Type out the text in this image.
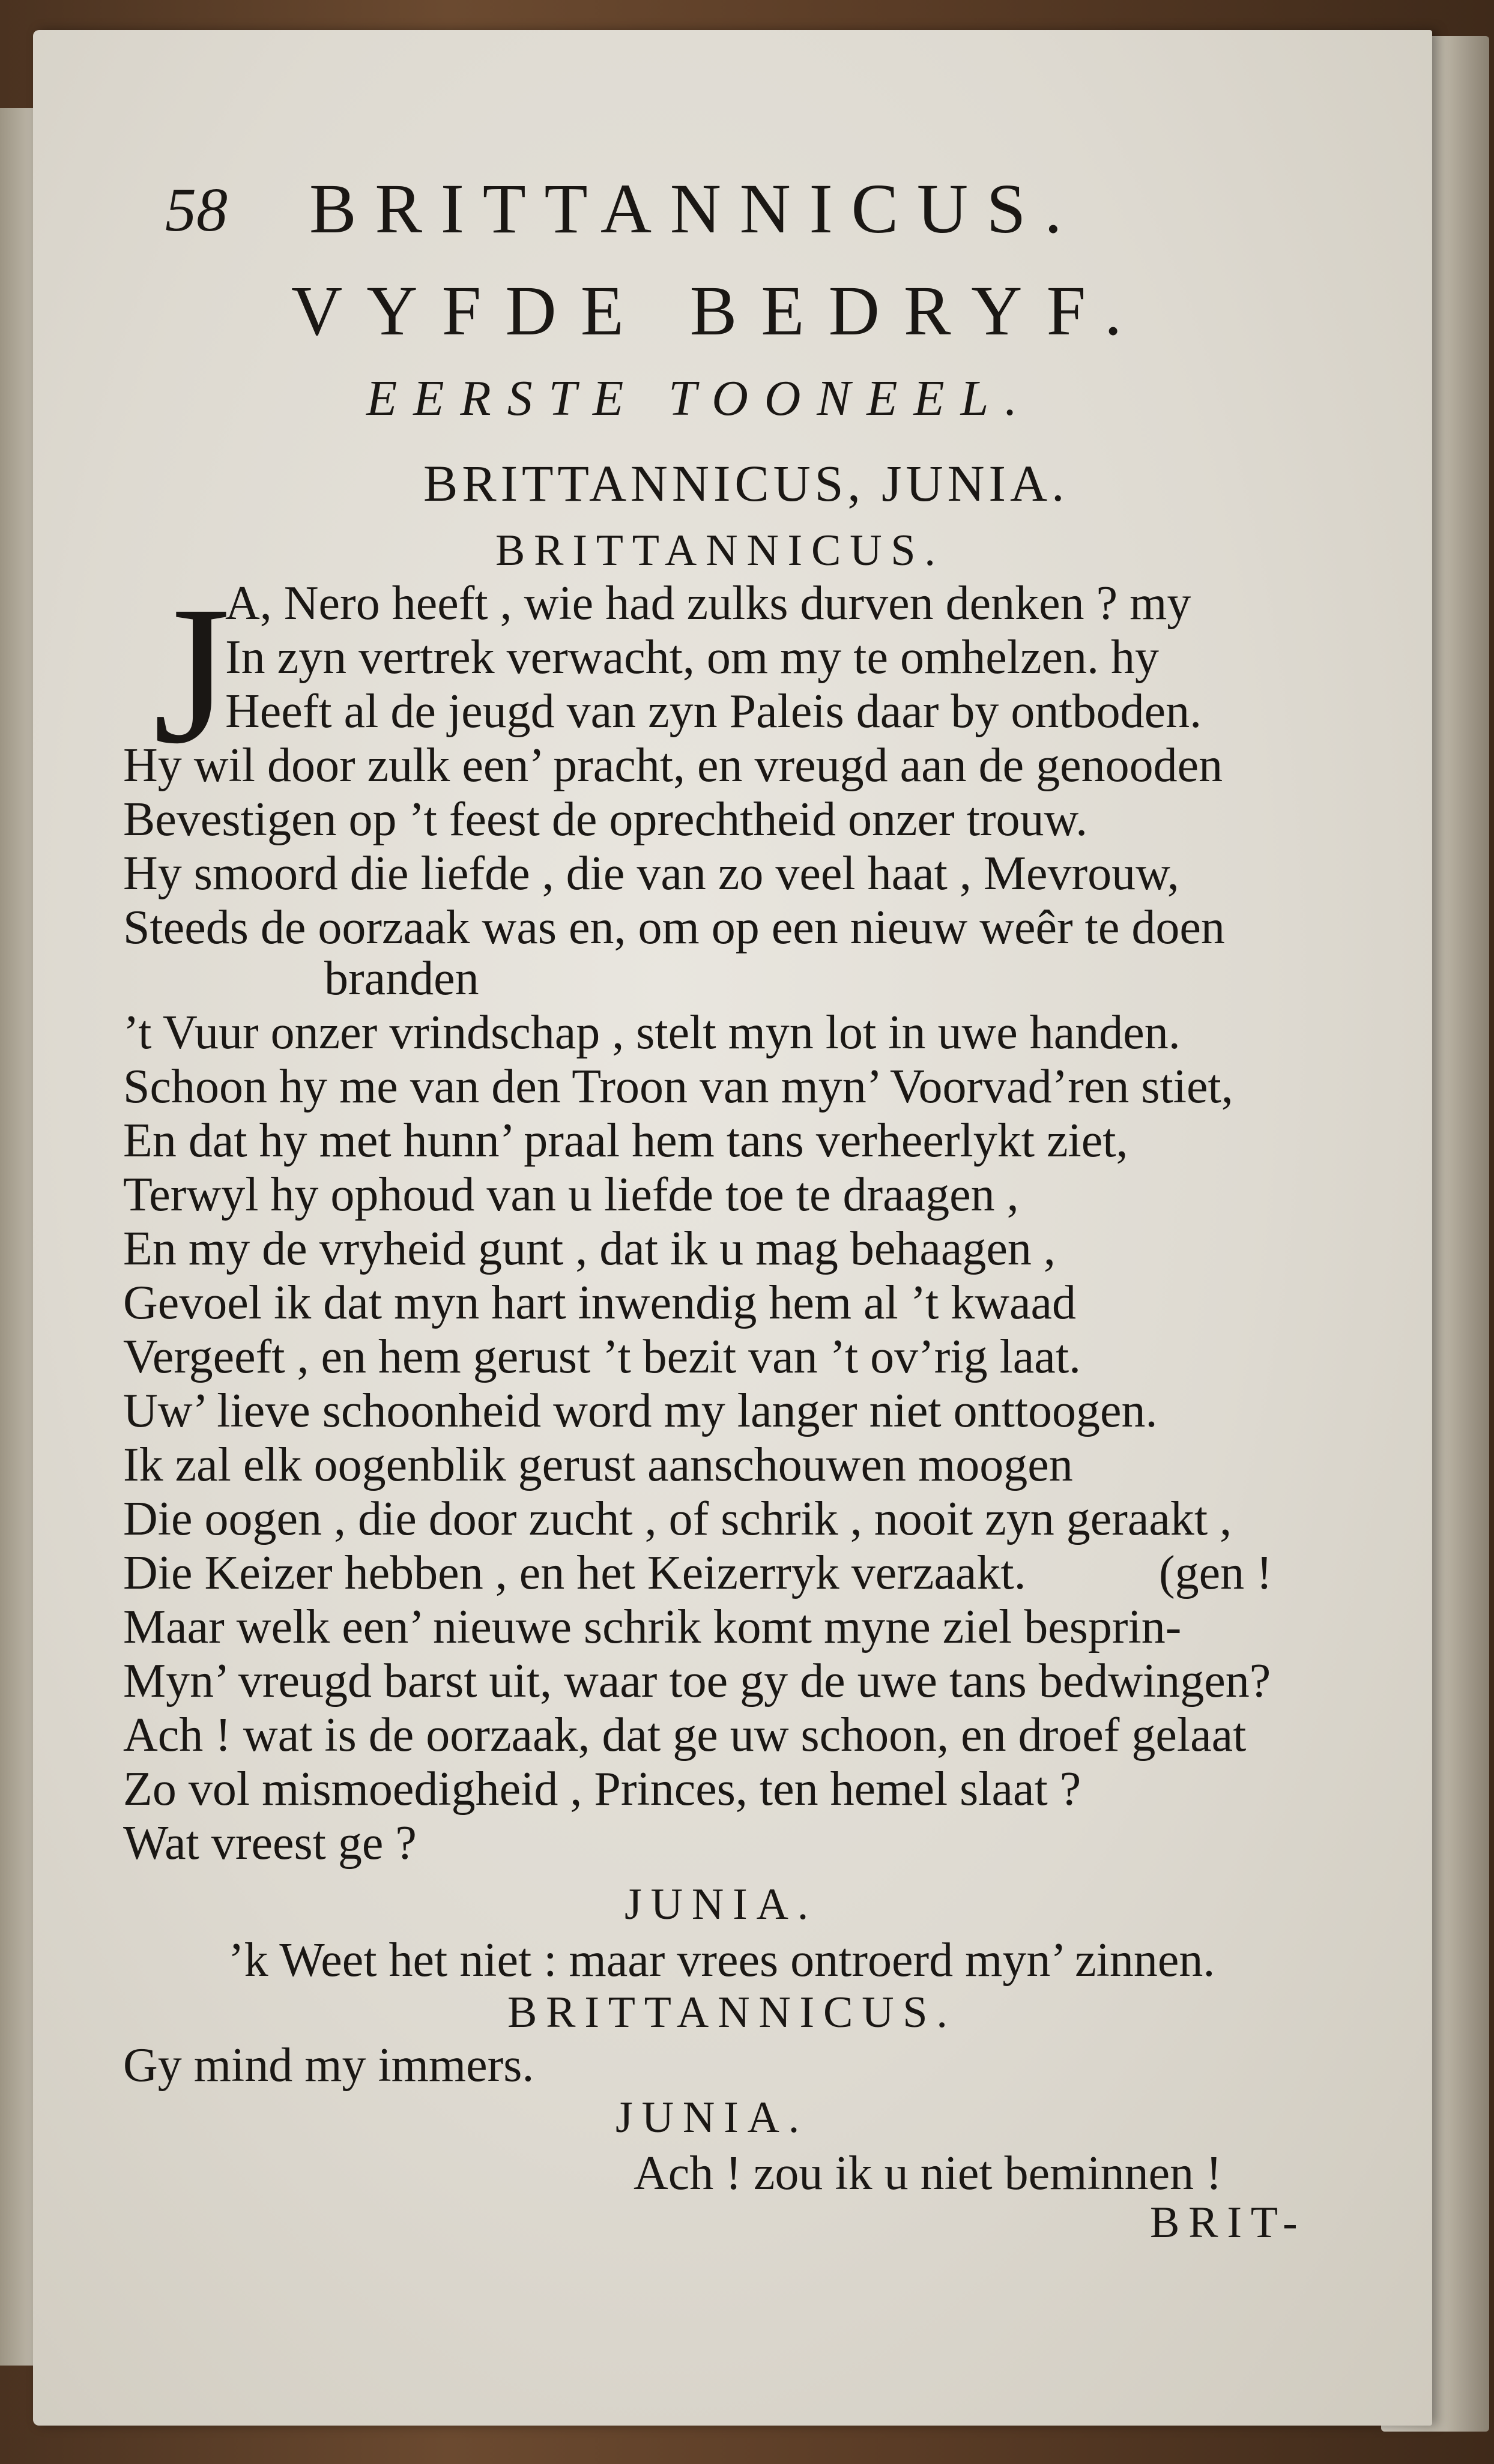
58 BRITTANNICUS.
VYFDE BEDRYF.
EERSTE TOONEEL.
BRITTANNICUS, JUNIA.
BRITTANNICUS.
J
A, Nero heeft , wie had zulks durven denken ? my
In zyn vertrek verwacht, om my te omhelzen. hy
Heeft al de jeugd van zyn Paleis daar by ontboden.
Hy wil door zulk een’ pracht, en vreugd aan de genooden
Bevestigen op ’t feest de oprechtheid onzer trouw.
Hy smoord die liefde , die van zo veel haat , Mevrouw,
Steeds de oorzaak was en, om op een nieuw weêr te doen
branden
’t Vuur onzer vrindschap , stelt myn lot in uwe handen.
Schoon hy me van den Troon van myn’ Voorvad’ren stiet,
En dat hy met hunn’ praal hem tans verheerlykt ziet,
Terwyl hy ophoud van u liefde toe te draagen ,
En my de vryheid gunt , dat ik u mag behaagen ,
Gevoel ik dat myn hart inwendig hem al ’t kwaad
Vergeeft , en hem gerust ’t bezit van ’t ov’rig laat.
Uw’ lieve schoonheid word my langer niet onttoogen.
Ik zal elk oogenblik gerust aanschouwen moogen
Die oogen , die door zucht , of schrik , nooit zyn geraakt ,
Die Keizer hebben , en het Keizerryk verzaakt.	(gen !
Maar welk een’ nieuwe schrik komt myne ziel besprin-
Myn’ vreugd barst uit, waar toe gy de uwe tans bedwingen?
Ach ! wat is de oorzaak, dat ge uw schoon, en droef gelaat
Zo vol mismoedigheid , Princes, ten hemel slaat ?
Wat vreest ge ?
JUNIA.
’k Weet het niet : maar vrees ontroerd myn’ zinnen.
BRITTANNICUS.
Gy mind my immers.
JUNIA.
Ach ! zou ik u niet beminnen !
BRIT-
